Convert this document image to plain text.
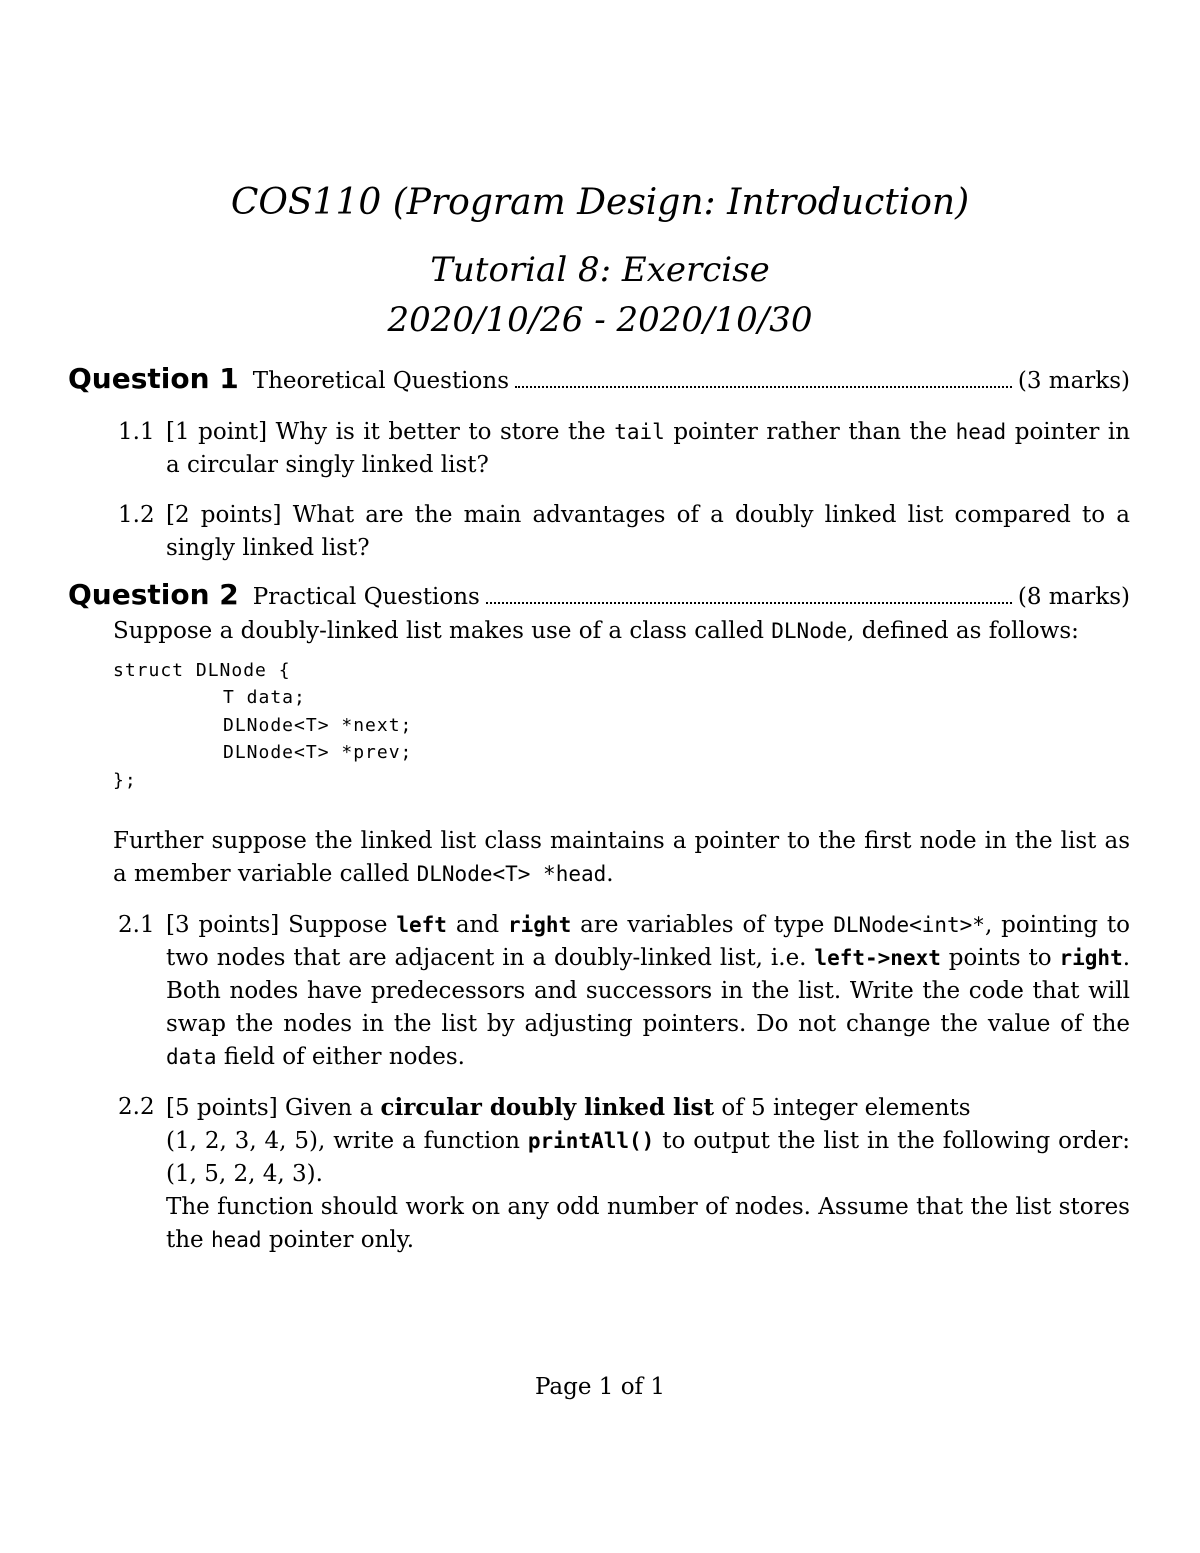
COS110 (Program Design: Introduction)
Tutorial 8: Exercise
2020/10/26 - 2020/10/30
Question 1 Theoretical Questions	(3 marks)
1.1 [1 point] Why is it better to store the tail pointer rather than the head pointer in a circular singly linked list?
1.2 [2 points] What are the main advantages of a doubly linked list compared to a singly linked list?
Question 2 Practical Questions	(8 marks)
Suppose a doubly-linked list makes use of a class called DLNode, defined as follows:
struct DLNode {
T data;
DLNode<T> *next;
DLNode<T> *prev;
};
Further suppose the linked list class maintains a pointer to the first node in the list as a member variable called DLNode<T> *head.
2.1 [3 points] Suppose left and right are variables of type DLNode<int>*, pointing to two nodes that are adjacent in a doubly-linked list, i.e. left->next points to right. Both nodes have predecessors and successors in the list. Write the code that will swap the nodes in the list by adjusting pointers. Do not change the value of the data field of either nodes.
2.2 [5 points] Given a circular doubly linked list of 5 integer elements
(1, 2, 3, 4, 5), write a function printAll() to output the list in the following order: (1, 5, 2, 4, 3).
The function should work on any odd number of nodes. Assume that the list stores the head pointer only.
Page 1 of 1
